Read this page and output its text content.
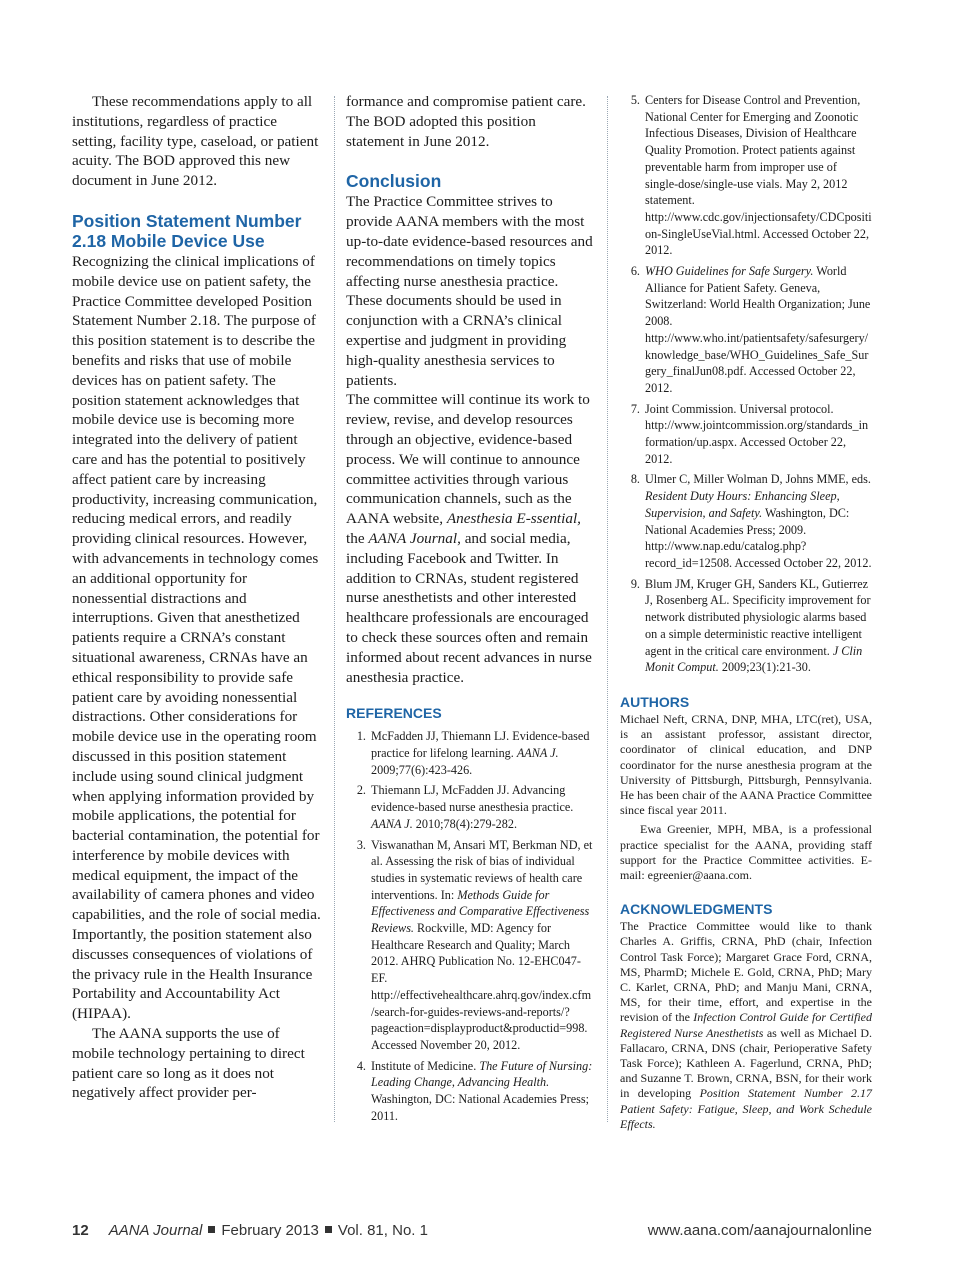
These recommendations apply to all institutions, regardless of practice setting, facility type, caseload, or patient acuity. The BOD approved this new document in June 2012.

Position Statement Number 2.18 Mobile Device Use

Recognizing the clinical implications of mobile device use on patient safety, the Practice Committee developed Position Statement Number 2.18. The purpose of this position statement is to describe the benefits and risks that use of mobile devices has on patient safety. The position statement acknowledges that mobile device use is becoming more integrated into the delivery of patient care and has the potential to positively affect patient care by increasing productivity, increasing communication, reducing medical errors, and readily providing clinical resources. However, with advancements in technology comes an additional opportunity for nonessential distractions and interruptions. Given that anesthetized patients require a CRNA’s constant situational awareness, CRNAs have an ethical responsibility to provide safe patient care by avoiding nonessential distractions. Other considerations for mobile device use in the operating room discussed in this position statement include using sound clinical judgment when applying information provided by mobile applications, the potential for bacterial contamination, the potential for interference by mobile devices with medical equipment, the impact of the availability of camera phones and video capabilities, and the role of social media. Importantly, the position statement also discusses consequences of violations of the privacy rule in the Health Insurance Portability and Accountability Act (HIPAA).

The AANA supports the use of mobile technology pertaining to direct patient care so long as it does not negatively affect provider per-

formance and compromise patient care. The BOD adopted this position statement in June 2012.

Conclusion

The Practice Committee strives to provide AANA members with the most up-to-date evidence-based resources and recommendations on timely topics affecting nurse anesthesia practice. These documents should be used in conjunction with a CRNA’s clinical expertise and judgment in providing high-quality anesthesia services to patients.

The committee will continue its work to review, revise, and develop resources through an objective, evidence-based process. We will continue to announce committee activities through various communication channels, such as the AANA website, Anesthesia E-ssential, the AANA Journal, and social media, including Facebook and Twitter. In addition to CRNAs, student registered nurse anesthetists and other interested healthcare professionals are encouraged to check these sources often and remain informed about recent advances in nurse anesthesia practice.

REFERENCES
1. McFadden JJ, Thiemann LJ. Evidence-based practice for lifelong learning. AANA J. 2009;77(6):423-426.
2. Thiemann LJ, McFadden JJ. Advancing evidence-based nurse anesthesia practice. AANA J. 2010;78(4):279-282.
3. Viswanathan M, Ansari MT, Berkman ND, et al. Assessing the risk of bias of individual studies in systematic reviews of health care interventions. In: Methods Guide for Effectiveness and Comparative Effectiveness Reviews. Rockville, MD: Agency for Healthcare Research and Quality; March 2012. AHRQ Publication No. 12-EHC047-EF. http://effectivehealthcare.ahrq.gov/index.cfm/search-for-guides-reviews-and-reports/?pageaction=displayproduct&productid=998. Accessed November 20, 2012.
4. Institute of Medicine. The Future of Nursing: Leading Change, Advancing Health. Washington, DC: National Academies Press; 2011.
5. Centers for Disease Control and Prevention, National Center for Emerging and Zoonotic Infectious Diseases, Division of Healthcare Quality Promotion. Protect patients against preventable harm from improper use of single-dose/single-use vials. May 2, 2012 statement. http://www.cdc.gov/injectionsafety/CDCposition-SingleUseVial.html. Accessed October 22, 2012.
6. WHO Guidelines for Safe Surgery. World Alliance for Patient Safety. Geneva, Switzerland: World Health Organization; June 2008. http://www.who.int/patientsafety/safesurgery/knowledge_base/WHO_Guidelines_Safe_Surgery_finalJun08.pdf. Accessed October 22, 2012.
7. Joint Commission. Universal protocol. http://www.jointcommission.org/standards_information/up.aspx. Accessed October 22, 2012.
8. Ulmer C, Miller Wolman D, Johns MME, eds. Resident Duty Hours: Enhancing Sleep, Supervision, and Safety. Washington, DC: National Academies Press; 2009. http://www.nap.edu/catalog.php?record_id=12508. Accessed October 22, 2012.
9. Blum JM, Kruger GH, Sanders KL, Gutierrez J, Rosenberg AL. Specificity improvement for network distributed physiologic alarms based on a simple deterministic reactive intelligent agent in the critical care environment. J Clin Monit Comput. 2009;23(1):21-30.
AUTHORS

Michael Neft, CRNA, DNP, MHA, LTC(ret), USA, is an assistant professor, assistant director, coordinator of clinical education, and DNP coordinator for the nurse anesthesia program at the University of Pittsburgh, Pittsburgh, Pennsylvania. He has been chair of the AANA Practice Committee since fiscal year 2011.

Ewa Greenier, MPH, MBA, is a professional practice specialist for the AANA, providing staff support for the Practice Committee activities. E-mail: egreenier@aana.com.

ACKNOWLEDGMENTS

The Practice Committee would like to thank Charles A. Griffis, CRNA, PhD (chair, Infection Control Task Force); Margaret Grace Ford, CRNA, MS, PharmD; Michele E. Gold, CRNA, PhD; Mary C. Karlet, CRNA, PhD; and Manju Mani, CRNA, MS, for their time, effort, and expertise in the revision of the Infection Control Guide for Certified Registered Nurse Anesthetists as well as Michael D. Fallacaro, CRNA, DNS (chair, Perioperative Safety Task Force); Kathleen A. Fagerlund, CRNA, PhD; and Suzanne T. Brown, CRNA, BSN, for their work in developing Position Statement Number 2.17 Patient Safety: Fatigue, Sleep, and Work Schedule Effects.

12 AANA Journal February 2013 Vol. 81, No. 1	www.aana.com/aanajournalonline
